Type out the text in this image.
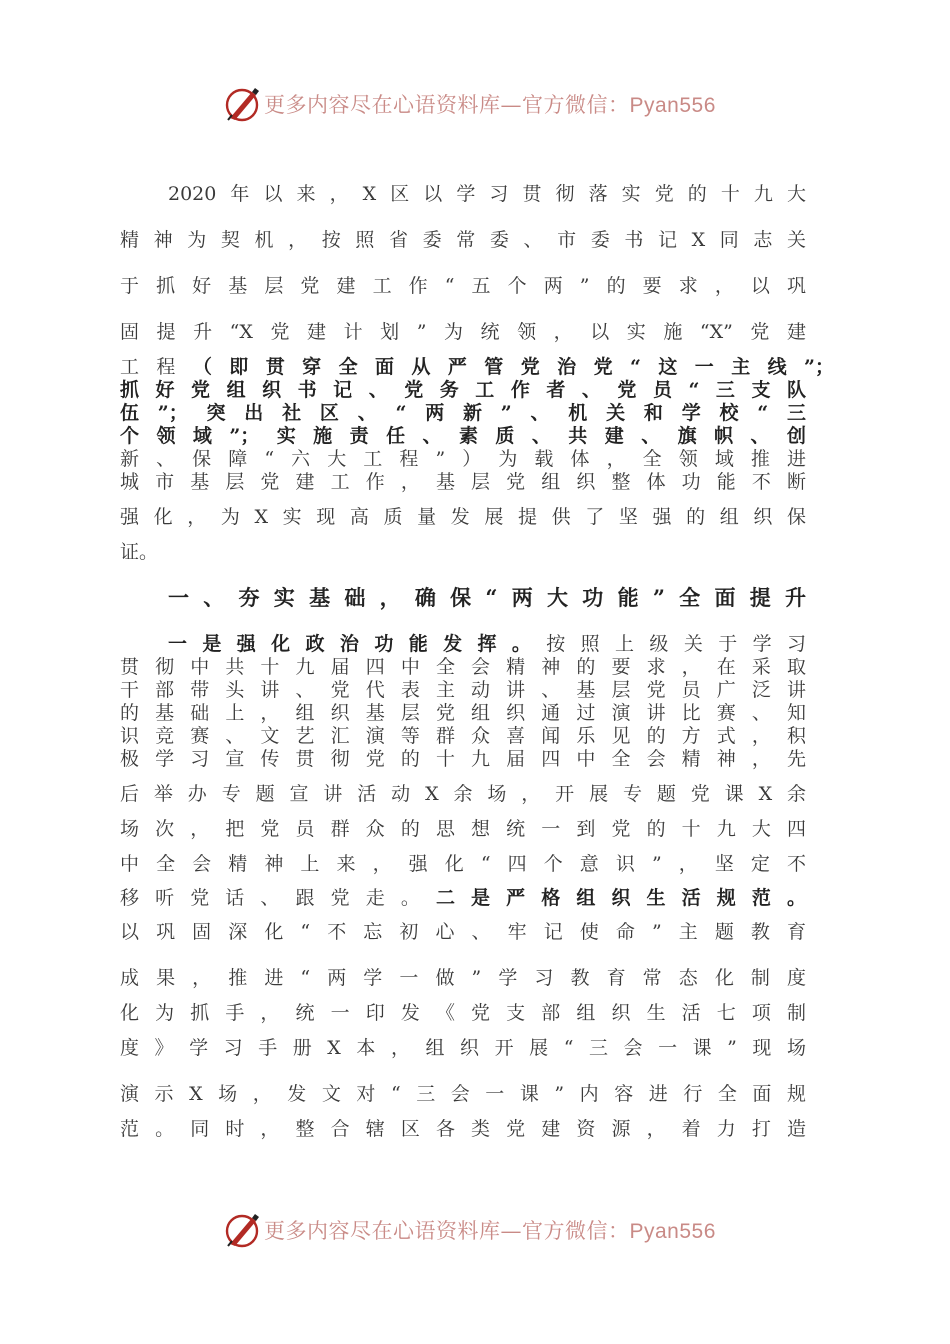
更多内容尽在心语资料库—官方微信：Pyan556
2020年以来，X区以学习贯彻落实党的十九大
精神为契机，按照省委常委、市委书记X同志关
于抓好基层党建工作“五个两”的要求，以巩
固提升“X党建计划”为统领，以实施“X”党建
工程（即贯穿全面从严管党治党“这一主线”；
抓好党组织书记、党务工作者、党员“三支队
伍”；突出社区、“两新”、机关和学校“三
个领域”；实施责任、素质、共建、旗帜、创
新、保障“六大工程”）为载体，全领域推进
城市基层党建工作，基层党组织整体功能不断
强化，为X实现高质量发展提供了坚强的组织保
证。
一、夯实基础，确保“两大功能”全面提升
一是强化政治功能发挥。按照上级关于学习
贯彻中共十九届四中全会精神的要求，在采取
干部带头讲、党代表主动讲、基层党员广泛讲
的基础上，组织基层党组织通过演讲比赛、知
识竞赛、文艺汇演等群众喜闻乐见的方式，积
极学习宣传贯彻党的十九届四中全会精神，先
后举办专题宣讲活动X余场，开展专题党课X余
场次，把党员群众的思想统一到党的十九大四
中全会精神上来，强化“四个意识”，坚定不
移听党话、跟党走。二是严格组织生活规范。
以巩固深化“不忘初心、牢记使命”主题教育
成果，推进“两学一做”学习教育常态化制度
化为抓手，统一印发《党支部组织生活七项制
度》学习手册X本，组织开展“三会一课”现场
演示X场，发文对“三会一课”内容进行全面规
范。同时，整合辖区各类党建资源，着力打造
更多内容尽在心语资料库—官方微信：Pyan556
